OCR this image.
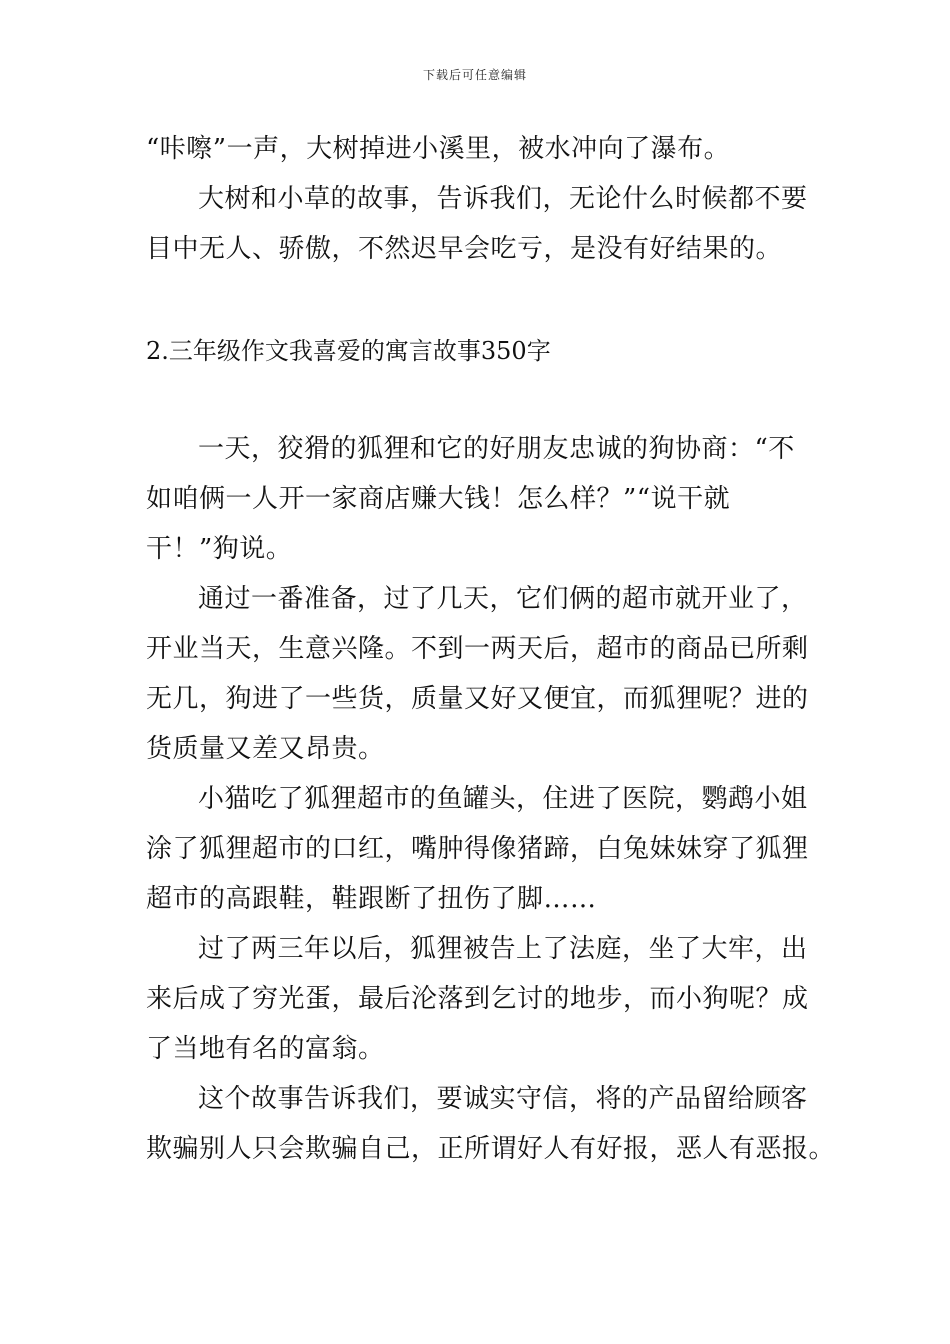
下载后可任意编辑
“咔嚓”一声，大树掉进小溪里，被水冲向了瀑布。
大树和小草的故事，告诉我们，无论什么时候都不要
目中无人、骄傲，不然迟早会吃亏，是没有好结果的。
2.三年级作文我喜爱的寓言故事350字
一天，狡猾的狐狸和它的好朋友忠诚的狗协商：“不
如咱俩一人开一家商店赚大钱！怎么样？”“说干就
干！”狗说。
通过一番准备，过了几天，它们俩的超市就开业了，
开业当天，生意兴隆。不到一两天后，超市的商品已所剩
无几，狗进了一些货，质量又好又便宜，而狐狸呢？进的
货质量又差又昂贵。
小猫吃了狐狸超市的鱼罐头，住进了医院，鹦鹉小姐
涂了狐狸超市的口红，嘴肿得像猪蹄，白兔妹妹穿了狐狸
超市的高跟鞋，鞋跟断了扭伤了脚……
过了两三年以后，狐狸被告上了法庭，坐了大牢，出
来后成了穷光蛋，最后沦落到乞讨的地步，而小狗呢？成
了当地有名的富翁。
这个故事告诉我们，要诚实守信，将的产品留给顾客
欺骗别人只会欺骗自己，正所谓好人有好报，恶人有恶报。
